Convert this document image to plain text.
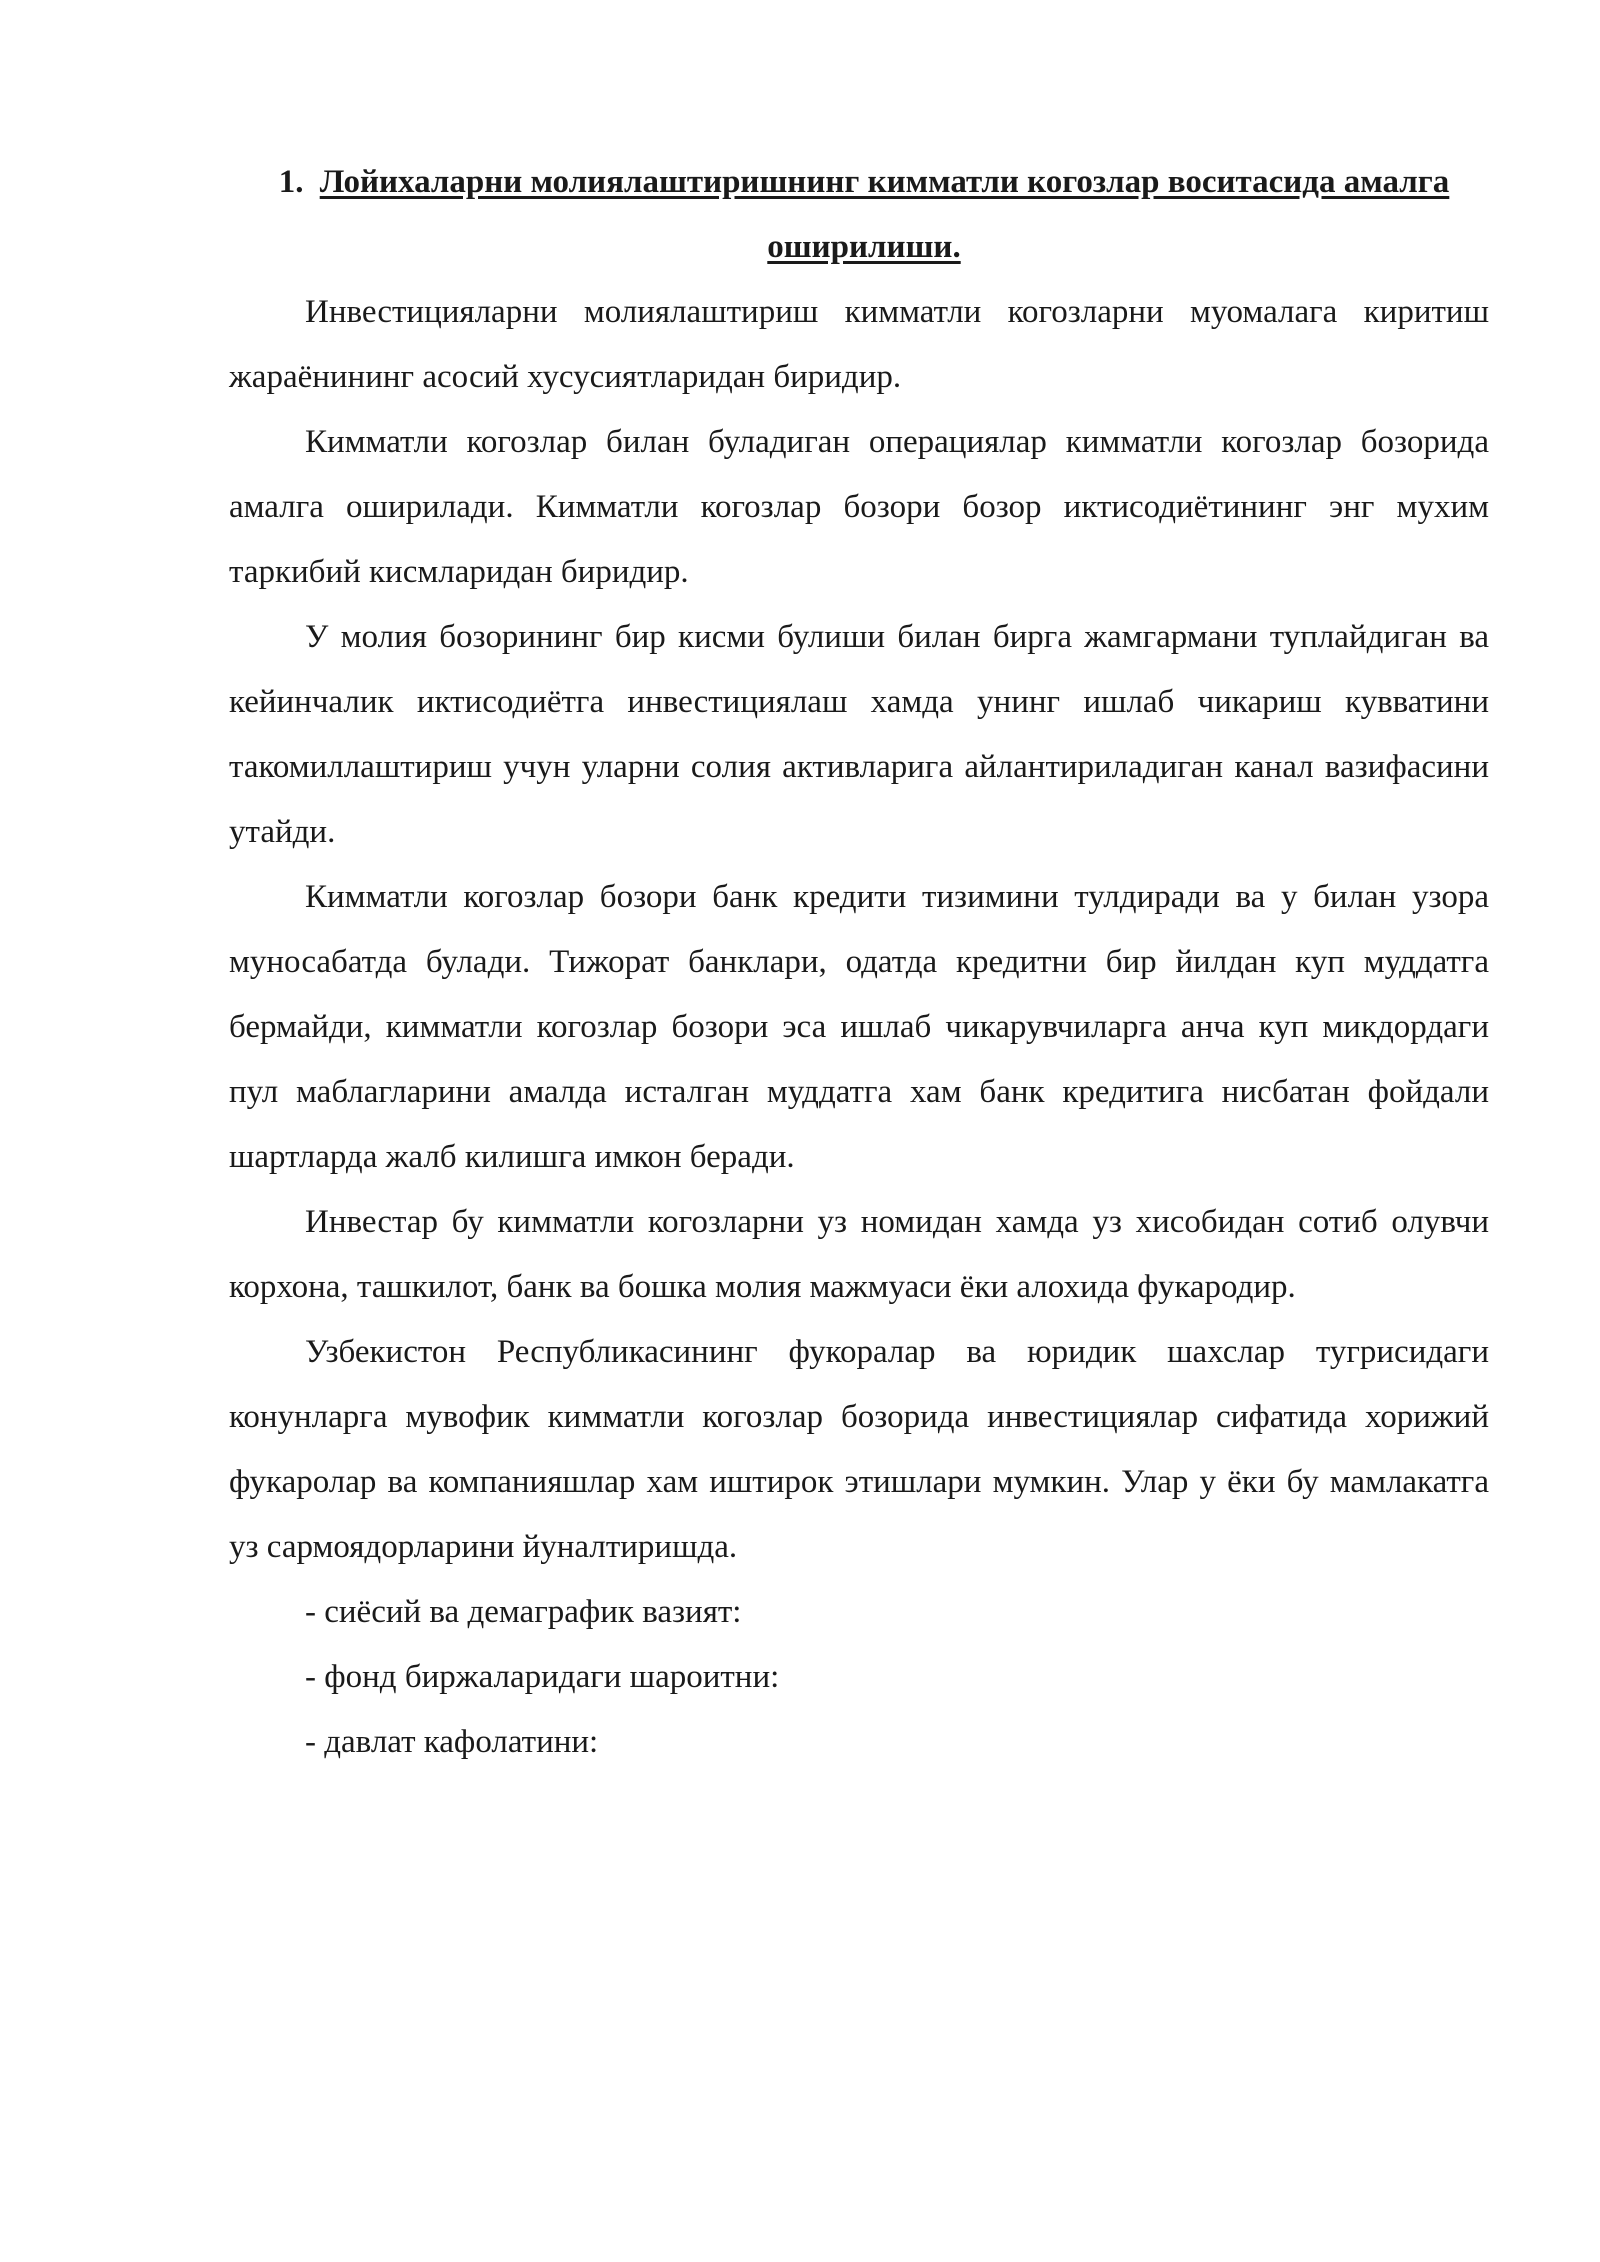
1. Лойихаларни молиялаштиришнинг кимматли когозлар воситасида амалга оширилиши.

Инвестицияларни молиялаштириш кимматли когозларни муомалага киритиш жараёнининг асосий хусусиятларидан биридир.

Кимматли когозлар билан буладиган операциялар кимматли когозлар бозорида амалга оширилади. Кимматли когозлар бозори бозор иктисодиётининг энг мухим таркибий кисмларидан биридир.

У молия бозорининг бир кисми булиши билан бирга жамгармани туплайдиган ва кейинчалик иктисодиётга инвестициялаш хамда унинг ишлаб чикариш кувватини такомиллаштириш учун уларни солия активларига айлантириладиган канал вазифасини утайди.

Кимматли когозлар бозори банк кредити тизимини тулдиради ва у билан узора муносабатда булади. Тижорат банклари, одатда кредитни бир йилдан куп муддатга бермайди, кимматли когозлар бозори эса ишлаб чикарувчиларга анча куп микдордаги пул маблагларини амалда исталган муддатга хам банк кредитига нисбатан фойдали шартларда жалб килишга имкон беради.

Инвестар бу кимматли когозларни уз номидан хамда уз хисобидан сотиб олувчи корхона, ташкилот, банк ва бошка молия мажмуаси ёки алохида фукародир.

Узбекистон Республикасининг фукоралар ва юридик шахслар тугрисидаги конунларга мувофик кимматли когозлар бозорида инвестициялар сифатида хорижий фукаролар ва компанияшлар хам иштирок этишлари мумкин. Улар у ёки бу мамлакатга уз сармоядорларини йуналтиришда.

- сиёсий ва демаграфик вазият:

- фонд биржаларидаги шароитни:

- давлат кафолатини:
